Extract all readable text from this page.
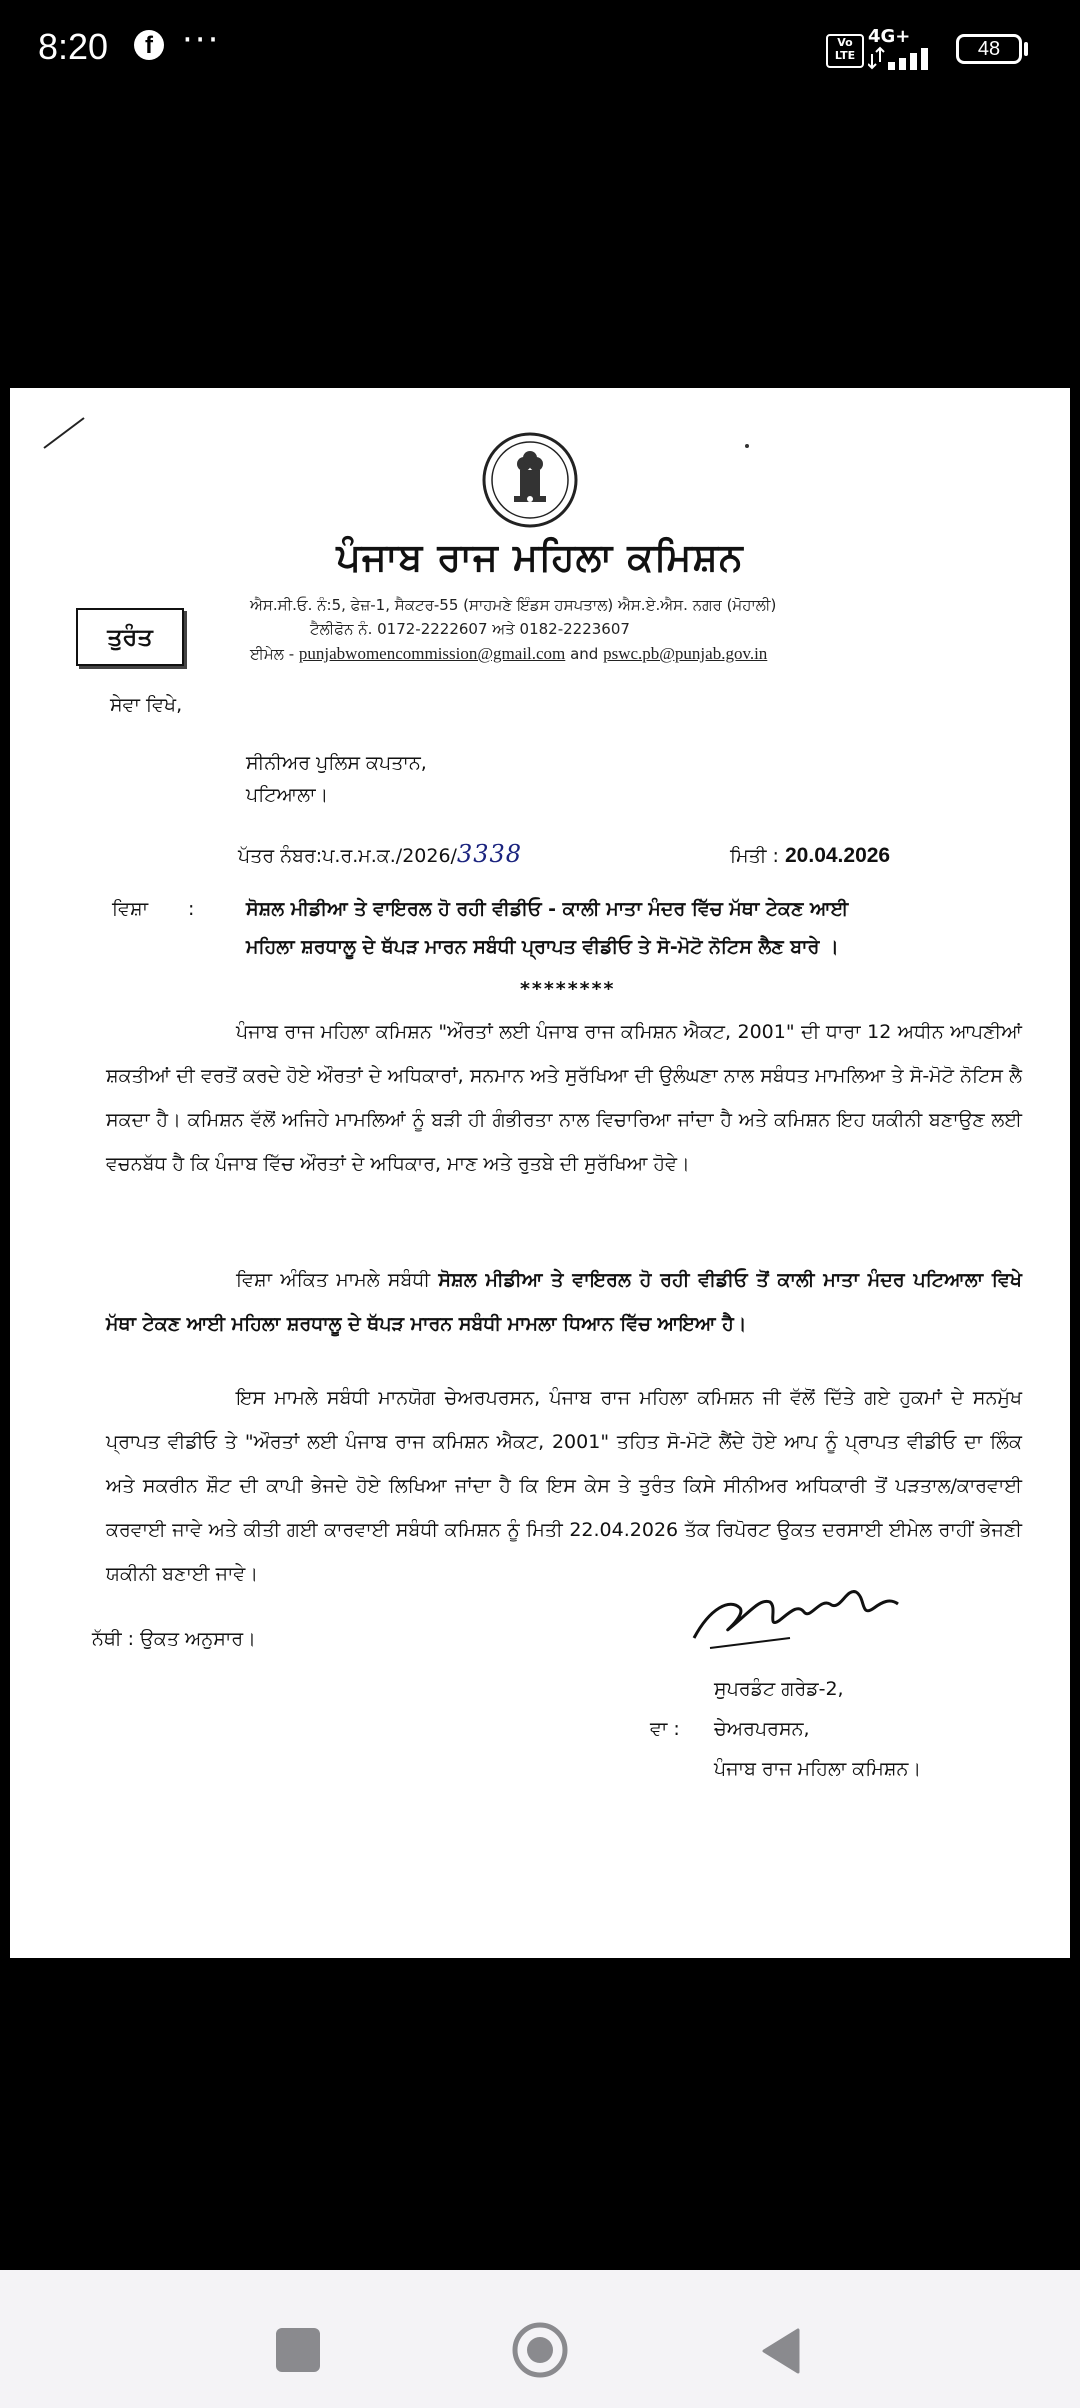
8:20	f ···	Vo
LTE
4G+
48
ਪੰਜਾਬ ਰਾਜ ਮਹਿਲਾ ਕਮਿਸ਼ਨ
ਐਸ.ਸੀ.ਓ. ਨੰ:5, ਫੇਜ਼-1, ਸੈਕਟਰ-55 (ਸਾਹਮਣੇ ਇੰਡਸ ਹਸਪਤਾਲ) ਐਸ.ਏ.ਐਸ. ਨਗਰ (ਮੋਹਾਲੀ)
ਟੈਲੀਫੋਨ ਨੰ. 0172-2222607 ਅਤੇ 0182-2223607
ਈਮੇਲ - punjabwomencommission@gmail.com and pswc.pb@punjab.gov.in
ਤੁਰੰਤ
ਸੇਵਾ ਵਿਖੇ,
ਸੀਨੀਅਰ ਪੁਲਿਸ ਕਪਤਾਨ,
ਪਟਿਆਲਾ।
ਪੱਤਰ ਨੰਬਰ:ਪ.ਰ.ਮ.ਕ./2026/3338	ਮਿਤੀ : 20.04.2026
ਵਿਸ਼ਾ :	ਸੋਸ਼ਲ ਮੀਡੀਆ ਤੇ ਵਾਇਰਲ ਹੋ ਰਹੀ ਵੀਡੀਓ - ਕਾਲੀ ਮਾਤਾ ਮੰਦਰ ਵਿੱਚ ਮੱਥਾ ਟੇਕਣ ਆਈ
ਮਹਿਲਾ ਸ਼ਰਧਾਲੂ ਦੇ ਥੱਪੜ ਮਾਰਨ ਸਬੰਧੀ ਪ੍ਰਾਪਤ ਵੀਡੀਓ ਤੇ ਸੋ-ਮੋਟੋ ਨੋਟਿਸ ਲੈਣ ਬਾਰੇ ।
********

ਪੰਜਾਬ ਰਾਜ ਮਹਿਲਾ ਕਮਿਸ਼ਨ "ਔਰਤਾਂ ਲਈ ਪੰਜਾਬ ਰਾਜ ਕਮਿਸ਼ਨ ਐਕਟ, 2001" ਦੀ ਧਾਰਾ 12 ਅਧੀਨ ਆਪਣੀਆਂ ਸ਼ਕਤੀਆਂ ਦੀ ਵਰਤੋਂ ਕਰਦੇ ਹੋਏ ਔਰਤਾਂ ਦੇ ਅਧਿਕਾਰਾਂ, ਸਨਮਾਨ ਅਤੇ ਸੁਰੱਖਿਆ ਦੀ ਉਲੰਘਣਾ ਨਾਲ ਸਬੰਧਤ ਮਾਮਲਿਆ ਤੇ ਸੋ-ਮੋਟੋ ਨੋਟਿਸ ਲੈ ਸਕਦਾ ਹੈ। ਕਮਿਸ਼ਨ ਵੱਲੋਂ ਅਜਿਹੇ ਮਾਮਲਿਆਂ ਨੂੰ ਬੜੀ ਹੀ ਗੰਭੀਰਤਾ ਨਾਲ ਵਿਚਾਰਿਆ ਜਾਂਦਾ ਹੈ ਅਤੇ ਕਮਿਸ਼ਨ ਇਹ ਯਕੀਨੀ ਬਣਾਉਣ ਲਈ ਵਚਨਬੱਧ ਹੈ ਕਿ ਪੰਜਾਬ ਵਿੱਚ ਔਰਤਾਂ ਦੇ ਅਧਿਕਾਰ, ਮਾਣ ਅਤੇ ਰੁਤਬੇ ਦੀ ਸੁਰੱਖਿਆ ਹੋਵੇ।

ਵਿਸ਼ਾ ਅੰਕਿਤ ਮਾਮਲੇ ਸਬੰਧੀ ਸੋਸ਼ਲ ਮੀਡੀਆ ਤੇ ਵਾਇਰਲ ਹੋ ਰਹੀ ਵੀਡੀਓ ਤੋਂ ਕਾਲੀ ਮਾਤਾ ਮੰਦਰ ਪਟਿਆਲਾ ਵਿਖੇ ਮੱਥਾ ਟੇਕਣ ਆਈ ਮਹਿਲਾ ਸ਼ਰਧਾਲੂ ਦੇ ਥੱਪੜ ਮਾਰਨ ਸਬੰਧੀ ਮਾਮਲਾ ਧਿਆਨ ਵਿੱਚ ਆਇਆ ਹੈ।

ਇਸ ਮਾਮਲੇ ਸਬੰਧੀ ਮਾਨਯੋਗ ਚੇਅਰਪਰਸਨ, ਪੰਜਾਬ ਰਾਜ ਮਹਿਲਾ ਕਮਿਸ਼ਨ ਜੀ ਵੱਲੋਂ ਦਿੱਤੇ ਗਏ ਹੁਕਮਾਂ ਦੇ ਸਨਮੁੱਖ ਪ੍ਰਾਪਤ ਵੀਡੀਓ ਤੇ "ਔਰਤਾਂ ਲਈ ਪੰਜਾਬ ਰਾਜ ਕਮਿਸ਼ਨ ਐਕਟ, 2001" ਤਹਿਤ ਸੋ-ਮੋਟੋ ਲੈਂਦੇ ਹੋਏ ਆਪ ਨੂੰ ਪ੍ਰਾਪਤ ਵੀਡੀਓ ਦਾ ਲਿੰਕ ਅਤੇ ਸਕਰੀਨ ਸ਼ੌਟ ਦੀ ਕਾਪੀ ਭੇਜਦੇ ਹੋਏ ਲਿਖਿਆ ਜਾਂਦਾ ਹੈ ਕਿ ਇਸ ਕੇਸ ਤੇ ਤੁਰੰਤ ਕਿਸੇ ਸੀਨੀਅਰ ਅਧਿਕਾਰੀ ਤੋਂ ਪੜਤਾਲ/ਕਾਰਵਾਈ ਕਰਵਾਈ ਜਾਵੇ ਅਤੇ ਕੀਤੀ ਗਈ ਕਾਰਵਾਈ ਸਬੰਧੀ ਕਮਿਸ਼ਨ ਨੂੰ ਮਿਤੀ 22.04.2026 ਤੱਕ ਰਿਪੋਰਟ ਉਕਤ ਦਰਸਾਈ ਈਮੇਲ ਰਾਹੀਂ ਭੇਜਣੀ ਯਕੀਨੀ ਬਣਾਈ ਜਾਵੇ।

ਨੱਥੀ : ਉਕਤ ਅਨੁਸਾਰ।
ਸੁਪਰਡੰਟ ਗਰੇਡ-2,
ਵਾ : ਚੇਅਰਪਰਸਨ,
ਪੰਜਾਬ ਰਾਜ ਮਹਿਲਾ ਕਮਿਸ਼ਨ।
